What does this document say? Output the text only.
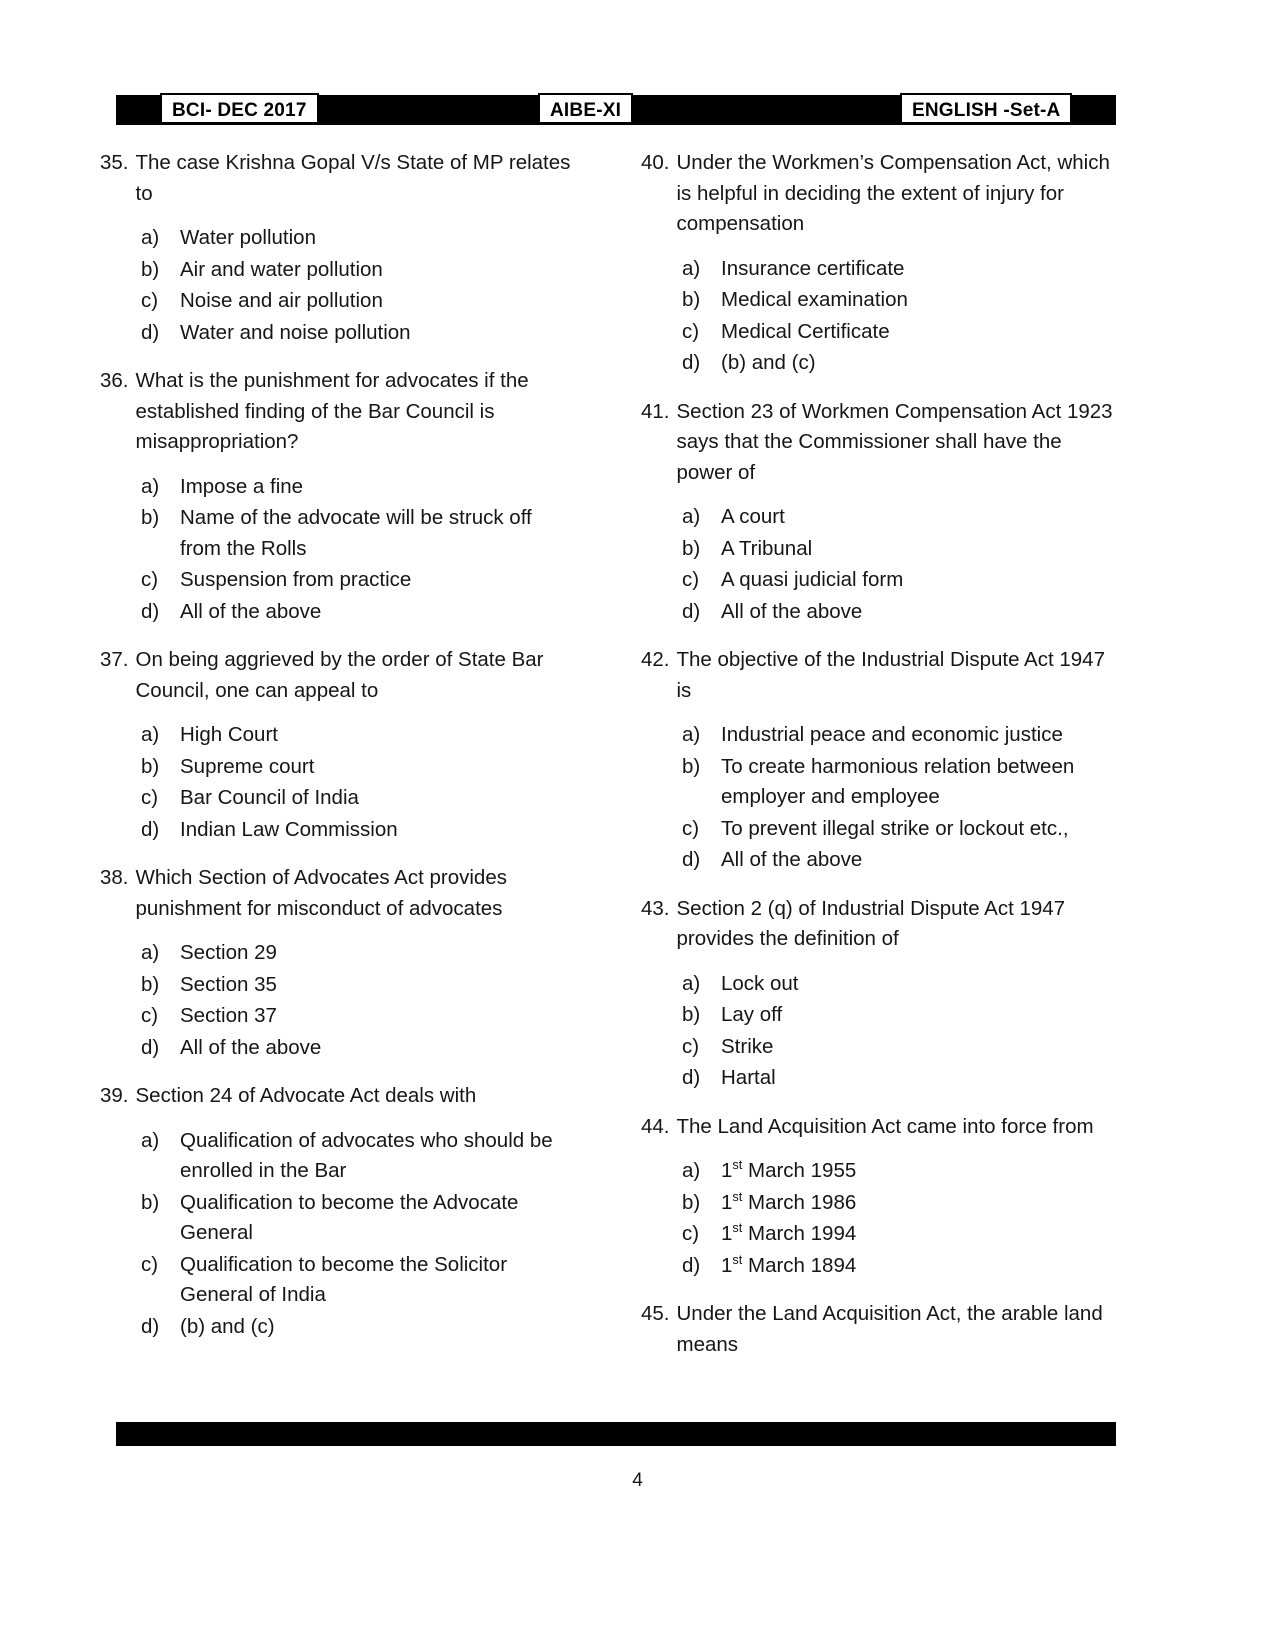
BCI- DEC 2017	AIBE-XI	ENGLISH -Set-A
35. The case Krishna Gopal V/s State of MP relates to
a)	Water pollution
b)	Air and water pollution
c)	Noise and air pollution
d)	Water and noise pollution
36. What is the punishment for advocates if the established finding of the Bar Council is misappropriation?
a)	Impose a fine
b)	Name of the advocate will be struck off from the Rolls
c)	Suspension from practice
d)	All of the above
37. On being aggrieved by the order of State Bar Council, one can appeal to
a)	High Court
b)	Supreme court
c)	Bar Council of India
d)	Indian Law Commission
38. Which Section of Advocates Act provides punishment for misconduct of advocates
a)	Section 29
b)	Section 35
c)	Section 37
d)	All of the above
39. Section 24 of Advocate Act deals with
a)	Qualification of advocates who should be enrolled in the Bar
b)	Qualification to become the Advocate General
c)	Qualification to become the Solicitor General of India
d)	(b) and (c)
40. Under the Workmen’s Compensation Act, which is helpful in deciding the extent of injury for compensation
a)	Insurance certificate
b)	Medical examination
c)	Medical Certificate
d)	(b) and (c)
41. Section 23 of Workmen Compensation Act 1923 says that the Commissioner shall have the power of
a)	A court
b)	A Tribunal
c)	A quasi judicial form
d)	All of the above
42. The objective of the Industrial Dispute Act 1947 is
a)	Industrial peace and economic justice
b)	To create harmonious relation between employer and employee
c)	To prevent illegal strike or lockout etc.,
d)	All of the above
43. Section 2 (q) of Industrial Dispute Act 1947 provides the definition of
a)	Lock out
b)	Lay off
c)	Strike
d)	Hartal
44. The Land Acquisition Act came into force from
a)	1st March 1955
b)	1st March 1986
c)	1st March 1994
d)	1st March 1894
45. Under the Land Acquisition Act, the arable land means
4
